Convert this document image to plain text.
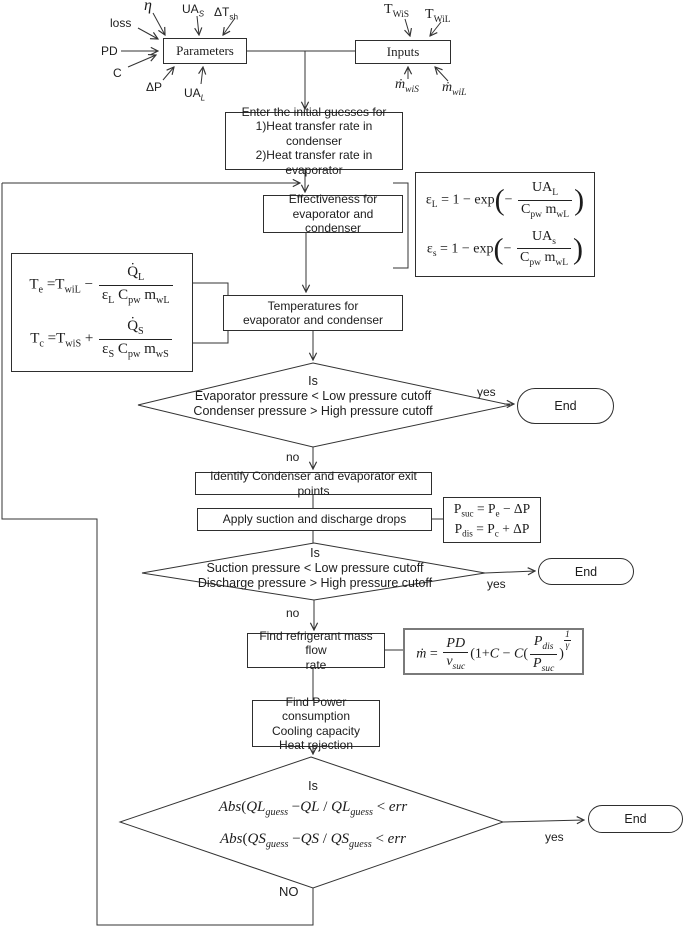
Parameters	Inputs
loss
η	$UA_S$ $\Delta T_{sh}$
PD
C
ΔP $UA_L$
$T_{WiS}$ $T_{WiL}$
ṁ$_{wiS}$ ṁ$_{wiL}$
Enter the initial guesses for
1)Heat transfer rate in condenser
2)Heat transfer rate in evaporator
Effectiveness for
evaporator and condenser
$\varepsilon_L = 1 - \exp(-$
$UA_L$
$C_{pw}$ $m_{wL}$ )
$\varepsilon_s = 1 - \exp(-$
$UA_s$
$C_{pw}$ $m_{wL}$ )
Temperatures for
evaporator and condenser
$T_e =T_{wiL}$ −
$Q̇_L$
$\varepsilon_L$ $C_{pw}$ $m_{wL}$
$T_c =T_{wiS}$ +
$Q̇_S$
$\varepsilon_S$ $C_{pw}$ $m_{wS}$
Is
Evaporator pressure < Low pressure cutoff
Condenser pressure > High pressure cutoff
yes
End
no
Identify Condenser and evaporator exit points
Apply suction and discharge drops
$P_{suc} = P_e - \Delta P$
$P_{dis} = P_c + \Delta P$
Is
Suction pressure < Low pressure cutoff
Discharge pressure > High pressure cutoff	yes
End
no
Find refrigerant mass flow
rate
ṁ =
PD
$\nu_{suc}$
(1+C − C(
$P_{dis}$
$P_{suc}$
)
$\frac{1}{\gamma}$
Find Power consumption
Cooling capacity
Heat rejection
Is
$Abs(QL_{guess} -QL / QL_{guess}$ < err
$Abs(QS_{guess} -QS / QS_{guess}$ < err	yes
End
NO
